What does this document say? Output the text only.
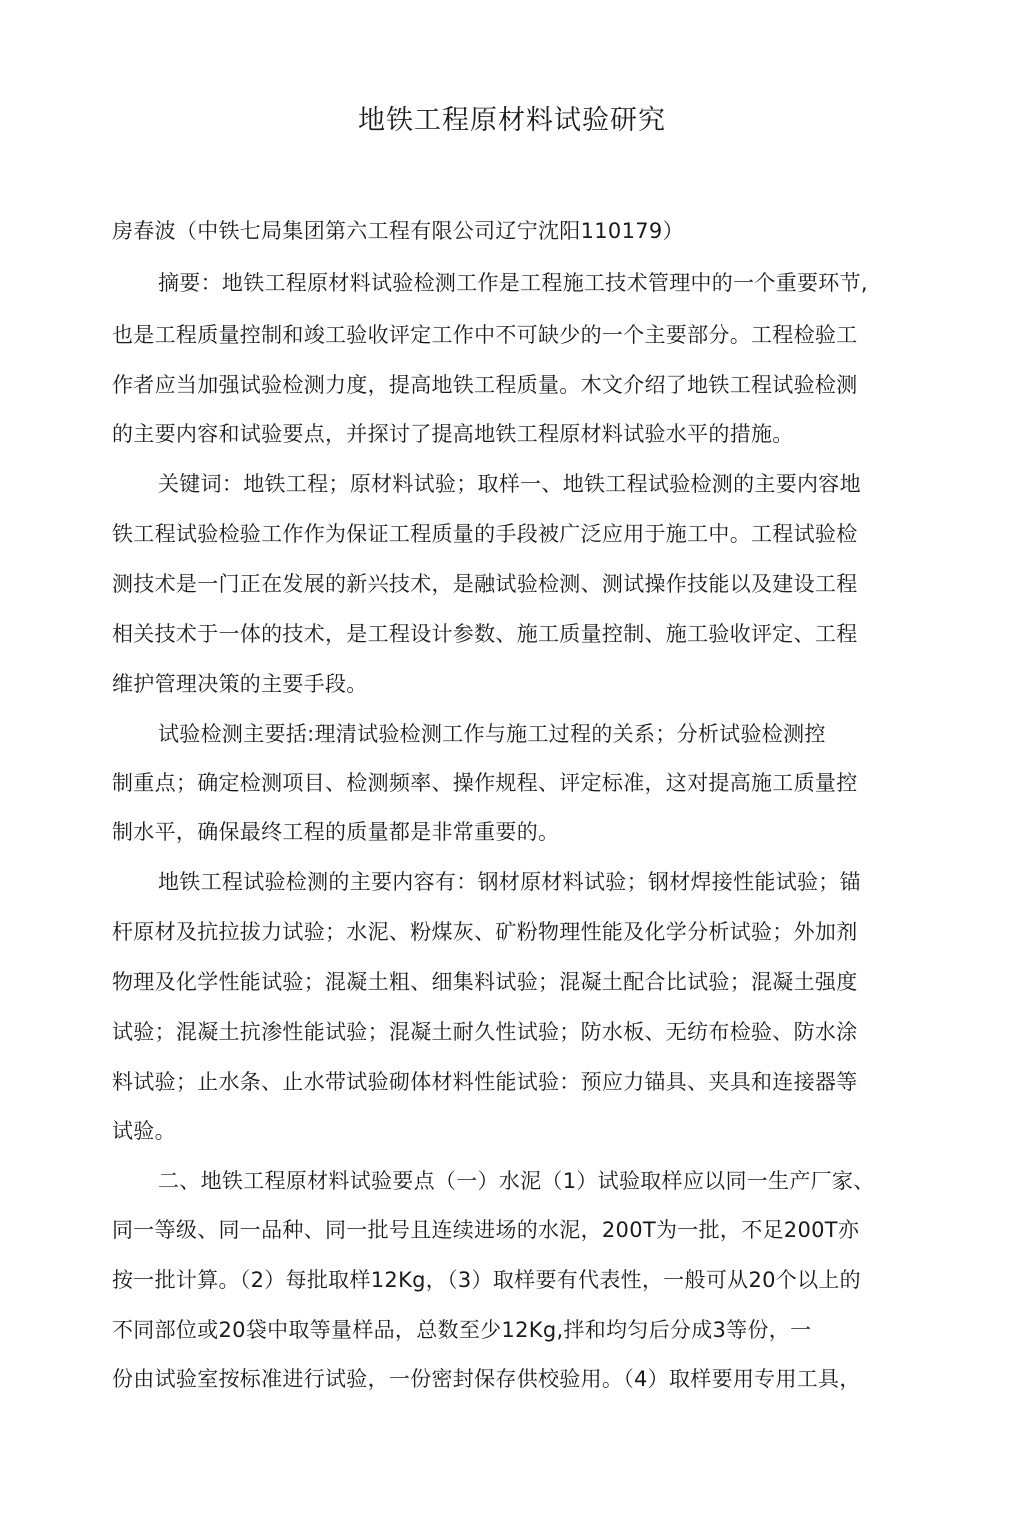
地铁工程原材料试验研究
房春波（中铁七局集团第六工程有限公司辽宁沈阳110179）
摘要：地铁工程原材料试验检测工作是工程施工技术管理中的一个重要环节,
也是工程质量控制和竣工验收评定工作中不可缺少的一个主要部分。工程检验工
作者应当加强试验检测力度，提高地铁工程质量。木文介绍了地铁工程试验检测
的主要内容和试验要点，并探讨了提高地铁工程原材料试验水平的措施。
关键词：地铁工程；原材料试验；取样一、地铁工程试验检测的主要内容地
铁工程试验检验工作作为保证工程质量的手段被广泛应用于施工中。工程试验检
测技术是一门正在发展的新兴技术，是融试验检测、测试操作技能以及建设工程
相关技术于一体的技术，是工程设计参数、施工质量控制、施工验收评定、工程
维护管理决策的主要手段。
试验检测主要括:理清试验检测工作与施工过程的关系；分析试验检测控
制重点；确定检测项目、检测频率、操作规程、评定标准，这对提高施工质量控
制水平，确保最终工程的质量都是非常重要的。
地铁工程试验检测的主要内容有：钢材原材料试验；钢材焊接性能试验；锚
杆原材及抗拉拔力试验；水泥、粉煤灰、矿粉物理性能及化学分析试验；外加剂
物理及化学性能试验；混凝土粗、细集料试验；混凝土配合比试验；混凝土强度
试验；混凝土抗渗性能试验；混凝土耐久性试验；防水板、无纺布检验、防水涂
料试验；止水条、止水带试验砌体材料性能试验：预应力锚具、夹具和连接器等
试验。
二、地铁工程原材料试验要点（一）水泥（1）试验取样应以同一生产厂家、
同一等级、同一品种、同一批号且连续进场的水泥，200T为一批，不足200T亦
按一批计算。（2）每批取样12Kg，（3）取样要有代表性，一般可从20个以上的
不同部位或20袋中取等量样品，总数至少12Kg,拌和均匀后分成3等份，一
份由试验室按标准进行试验，一份密封保存供校验用。（4）取样要用专用工具，
